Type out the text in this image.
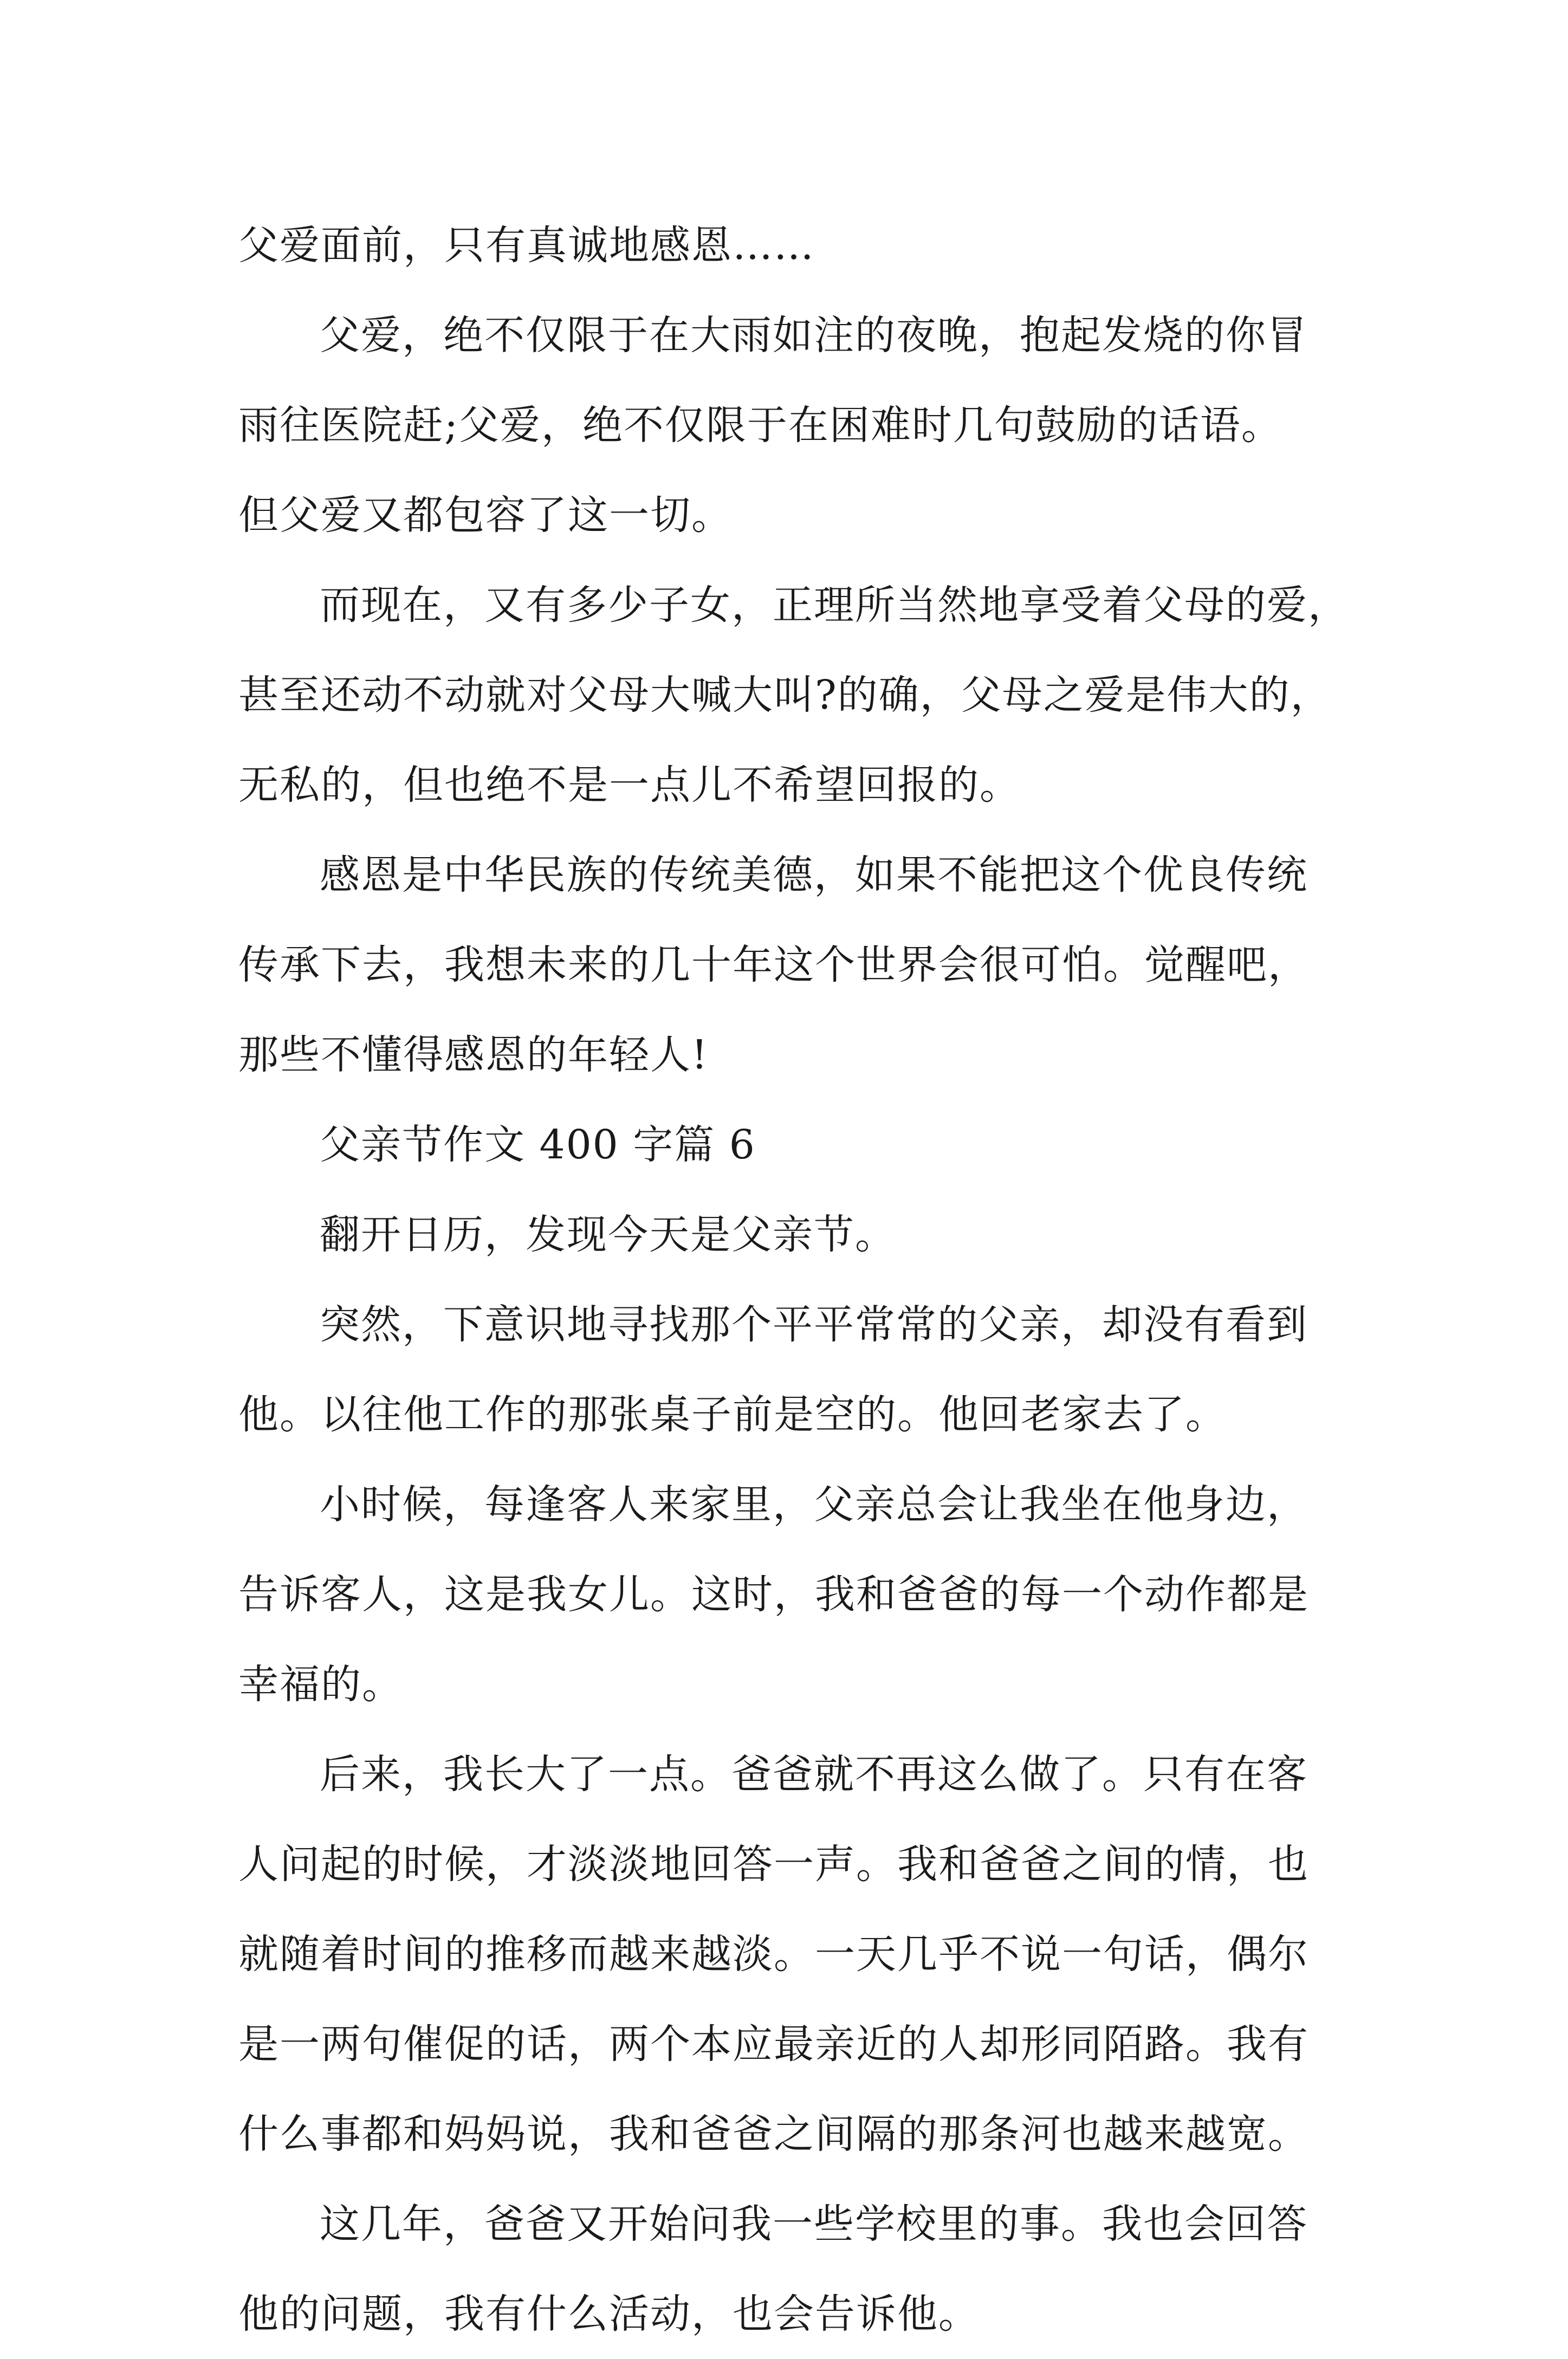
父爱面前，只有真诚地感恩……

父爱，绝不仅限于在大雨如注的夜晚，抱起发烧的你冒
雨往医院赶;父爱，绝不仅限于在困难时几句鼓励的话语。
但父爱又都包容了这一切。

而现在，又有多少子女，正理所当然地享受着父母的爱，
甚至还动不动就对父母大喊大叫?的确，父母之爱是伟大的，
无私的，但也绝不是一点儿不希望回报的。

感恩是中华民族的传统美德，如果不能把这个优良传统
传承下去，我想未来的几十年这个世界会很可怕。觉醒吧，
那些不懂得感恩的年轻人!

父亲节作文 400 字篇 6

翻开日历，发现今天是父亲节。

突然，下意识地寻找那个平平常常的父亲，却没有看到
他。以往他工作的那张桌子前是空的。他回老家去了。

小时候，每逢客人来家里，父亲总会让我坐在他身边，
告诉客人，这是我女儿。这时，我和爸爸的每一个动作都是
幸福的。

后来，我长大了一点。爸爸就不再这么做了。只有在客
人问起的时候，才淡淡地回答一声。我和爸爸之间的情，也
就随着时间的推移而越来越淡。一天几乎不说一句话，偶尔
是一两句催促的话，两个本应最亲近的人却形同陌路。我有
什么事都和妈妈说，我和爸爸之间隔的那条河也越来越宽。

这几年，爸爸又开始问我一些学校里的事。我也会回答
他的问题，我有什么活动，也会告诉他。
